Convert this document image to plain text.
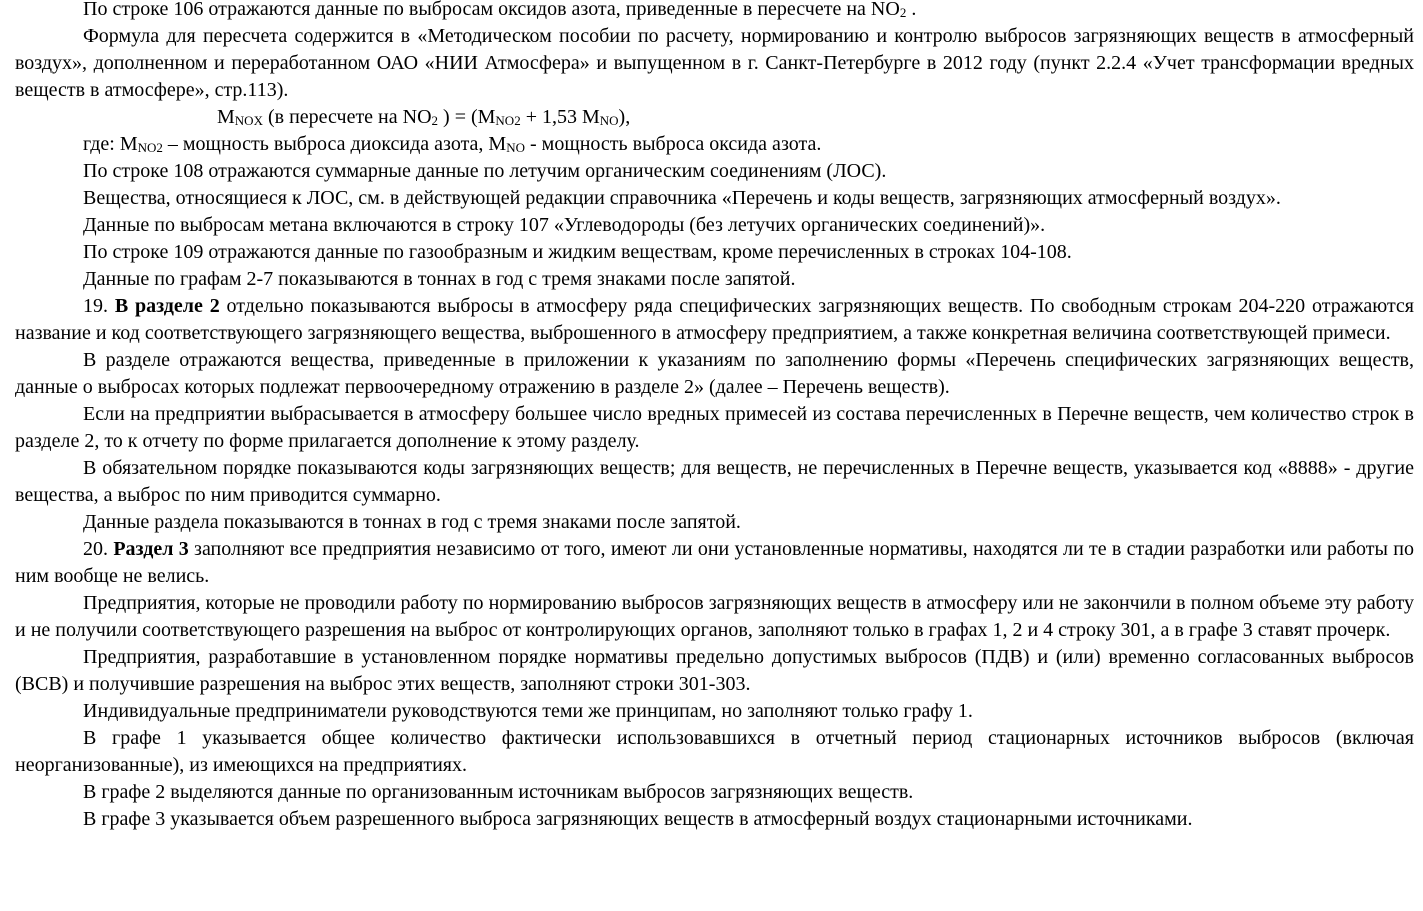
По строке 106 отражаются данные по выбросам оксидов азота, приведенные в пересчете на $NO_2$ .

Формула для пересчета содержится в «Методическом пособии по расчету, нормированию и контролю выбросов загрязняющих веществ в атмосферный воздух», дополненном и переработанном ОАО «НИИ Атмосфера» и выпущенном в г. Санкт-Петербурге в 2012 году (пункт 2.2.4 «Учет трансформации вредных веществ в атмосфере», стр.113).

$M_{NOX}$ (в пересчете на $NO_2$ ) = ($M_{NO2} + 1,53$ $M_{NO}$),

где: $M_{NO2}$ – мощность выброса диоксида азота, $M_{NO}$ - мощность выброса оксида азота.

По строке 108 отражаются суммарные данные по летучим органическим соединениям (ЛОС).

Вещества, относящиеся к ЛОС, см. в действующей редакции справочника «Перечень и коды веществ, загрязняющих атмосферный воздух».

Данные по выбросам метана включаются в строку 107 «Углеводороды (без летучих органических соединений)».

По строке 109 отражаются данные по газообразным и жидким веществам, кроме перечисленных в строках 104-108.

Данные по графам 2-7 показываются в тоннах в год с тремя знаками после запятой.

19. В разделе 2 отдельно показываются выбросы в атмосферу ряда специфических загрязняющих веществ. По свободным строкам 204-220 отражаются название и код соответствующего загрязняющего вещества, выброшенного в атмосферу предприятием, а также конкретная величина соответствующей примеси.

В разделе отражаются вещества, приведенные в приложении к указаниям по заполнению формы «Перечень специфических загрязняющих веществ, данные о выбросах которых подлежат первоочередному отражению в разделе 2» (далее – Перечень веществ).

Если на предприятии выбрасывается в атмосферу большее число вредных примесей из состава перечисленных в Перечне веществ, чем количество строк в разделе 2, то к отчету по форме прилагается дополнение к этому разделу.

В обязательном порядке показываются коды загрязняющих веществ; для веществ, не перечисленных в Перечне веществ, указывается код «8888» - другие вещества, а выброс по ним приводится суммарно.

Данные раздела показываются в тоннах в год с тремя знаками после запятой.

20. Раздел 3 заполняют все предприятия независимо от того, имеют ли они установленные нормативы, находятся ли те в стадии разработки или работы по ним вообще не велись.

Предприятия, которые не проводили работу по нормированию выбросов загрязняющих веществ в атмосферу или не закончили в полном объеме эту работу и не получили соответствующего разрешения на выброс от контролирующих органов, заполняют только в графах 1, 2 и 4 строку 301, а в графе 3 ставят прочерк.

Предприятия, разработавшие в установленном порядке нормативы предельно допустимых выбросов (ПДВ) и (или) временно согласованных выбросов (ВСВ) и получившие разрешения на выброс этих веществ, заполняют строки 301-303.

Индивидуальные предприниматели руководствуются теми же принципам, но заполняют только графу 1.

В графе 1 указывается общее количество фактически использовавшихся в отчетный период стационарных источников выбросов (включая неорганизованные), из имеющихся на предприятиях.

В графе 2 выделяются данные по организованным источникам выбросов загрязняющих веществ.

В графе 3 указывается объем разрешенного выброса загрязняющих веществ в атмосферный воздух стационарными источниками.
